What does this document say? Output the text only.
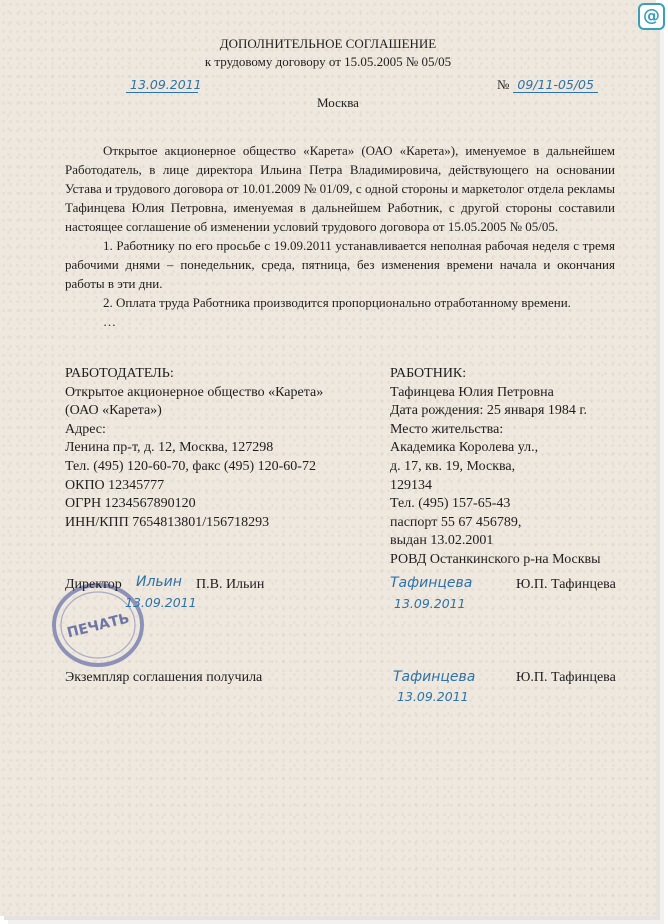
@
ДОПОЛНИТЕЛЬНОЕ СОГЛАШЕНИЕ
к трудовому договору от 15.05.2005 № 05/05
13.09.2011	№ 09/11-05/05
Москва

Открытое акционерное общество «Карета» (ОАО «Карета»), именуемое в дальнейшем Работодатель, в лице директора Ильина Петра Владимировича, действующего на основании Устава и трудового договора от 10.01.2009 № 01/09, с одной стороны и маркетолог отдела рекламы Тафинцева Юлия Петровна, именуемая в дальнейшем Работник, с другой стороны составили настоящее соглашение об изменении условий трудового договора от 15.05.2005 № 05/05.

1. Работнику по его просьбе с 19.09.2011 устанавливается неполная рабочая неделя с тремя рабочими днями – понедельник, среда, пятница, без изменения времени начала и окончания работы в эти дни.

2. Оплата труда Работника производится пропорционально отработанному времени.

…

РАБОТОДАТЕЛЬ:
Открытое акционерное общество «Карета»
(ОАО «Карета»)
Адрес:
Ленина пр-т, д. 12, Москва, 127298
Тел. (495) 120-60-70, факс (495) 120-60-72
ОКПО 12345777
ОГРН 1234567890120
ИНН/КПП 7654813801/156718293
РАБОТНИК:
Тафинцева Юлия Петровна
Дата рождения: 25 января 1984 г.
Место жительства:
Академика Королева ул.,
д. 17, кв. 19, Москва,
129134
Тел. (495) 157-65-43
паспорт 55 67 456789,
выдан 13.02.2001
РОВД Останкинского р-на Москвы
ПЕЧАТЬ
Директор Ильин П.В. Ильин
13.09.2011
Тафинцева	Ю.П. Тафинцева
13.09.2011
Экземпляр соглашения получила	Тафинцева	Ю.П. Тафинцева
13.09.2011
